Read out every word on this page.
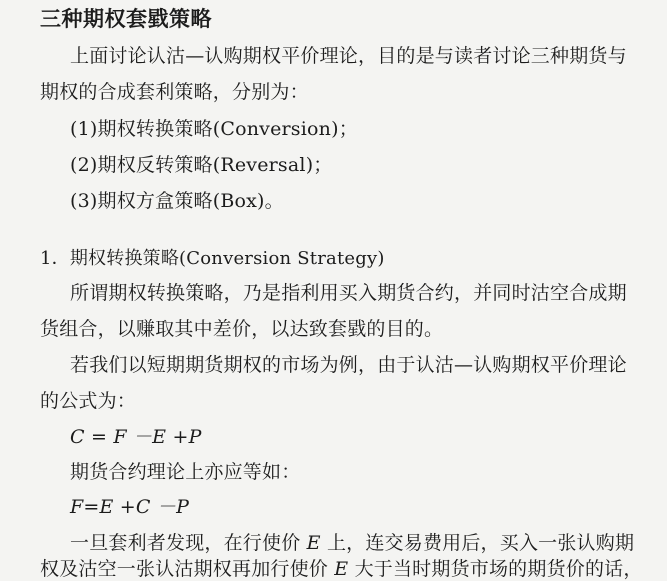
三种期权套戥策略
上面讨论认沽—认购期权平价理论，目的是与读者讨论三种期货与
期权的合成套利策略，分别为：
(1)期权转换策略(Conversion)；
(2)期权反转策略(Reversal)；
(3)期权方盒策略(Box)。
1．期权转换策略(Conversion Strategy)
所谓期权转换策略，乃是指利用买入期货合约，并同时沽空合成期
货组合，以赚取其中差价，以达致套戥的目的。
若我们以短期期货期权的市场为例，由于认沽—认购期权平价理论
的公式为：
C = F －E +P
期货合约理论上亦应等如：
F=E +C －P
一旦套利者发现，在行使价 E 上，连交易费用后，买入一张认购期
权及沽空一张认沽期权再加行使价 E 大于当时期货市场的期货价的话，
